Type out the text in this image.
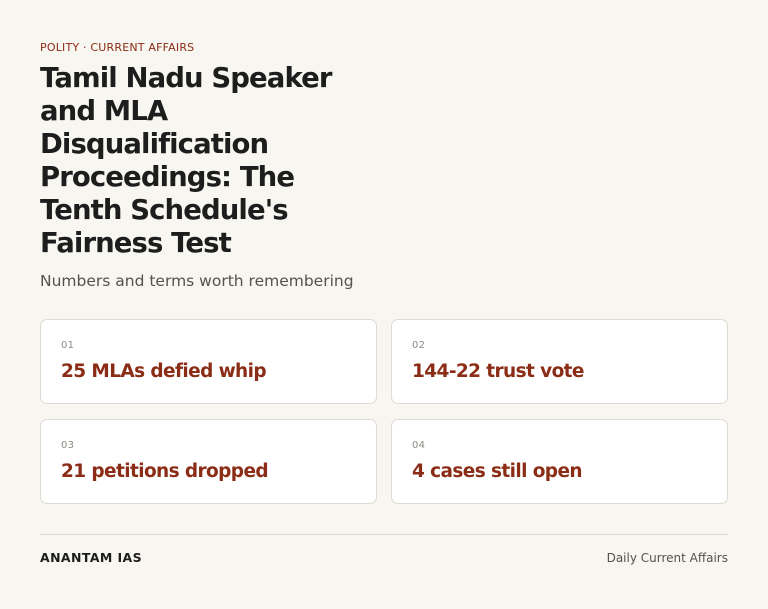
POLITY · CURRENT AFFAIRS
Tamil Nadu Speaker and MLA Disqualification Proceedings: The Tenth Schedule's Fairness Test
Numbers and terms worth remembering
01
25 MLAs defied whip
02
144-22 trust vote
03
21 petitions dropped
04
4 cases still open
ANANTAM IAS	Daily Current Affairs
